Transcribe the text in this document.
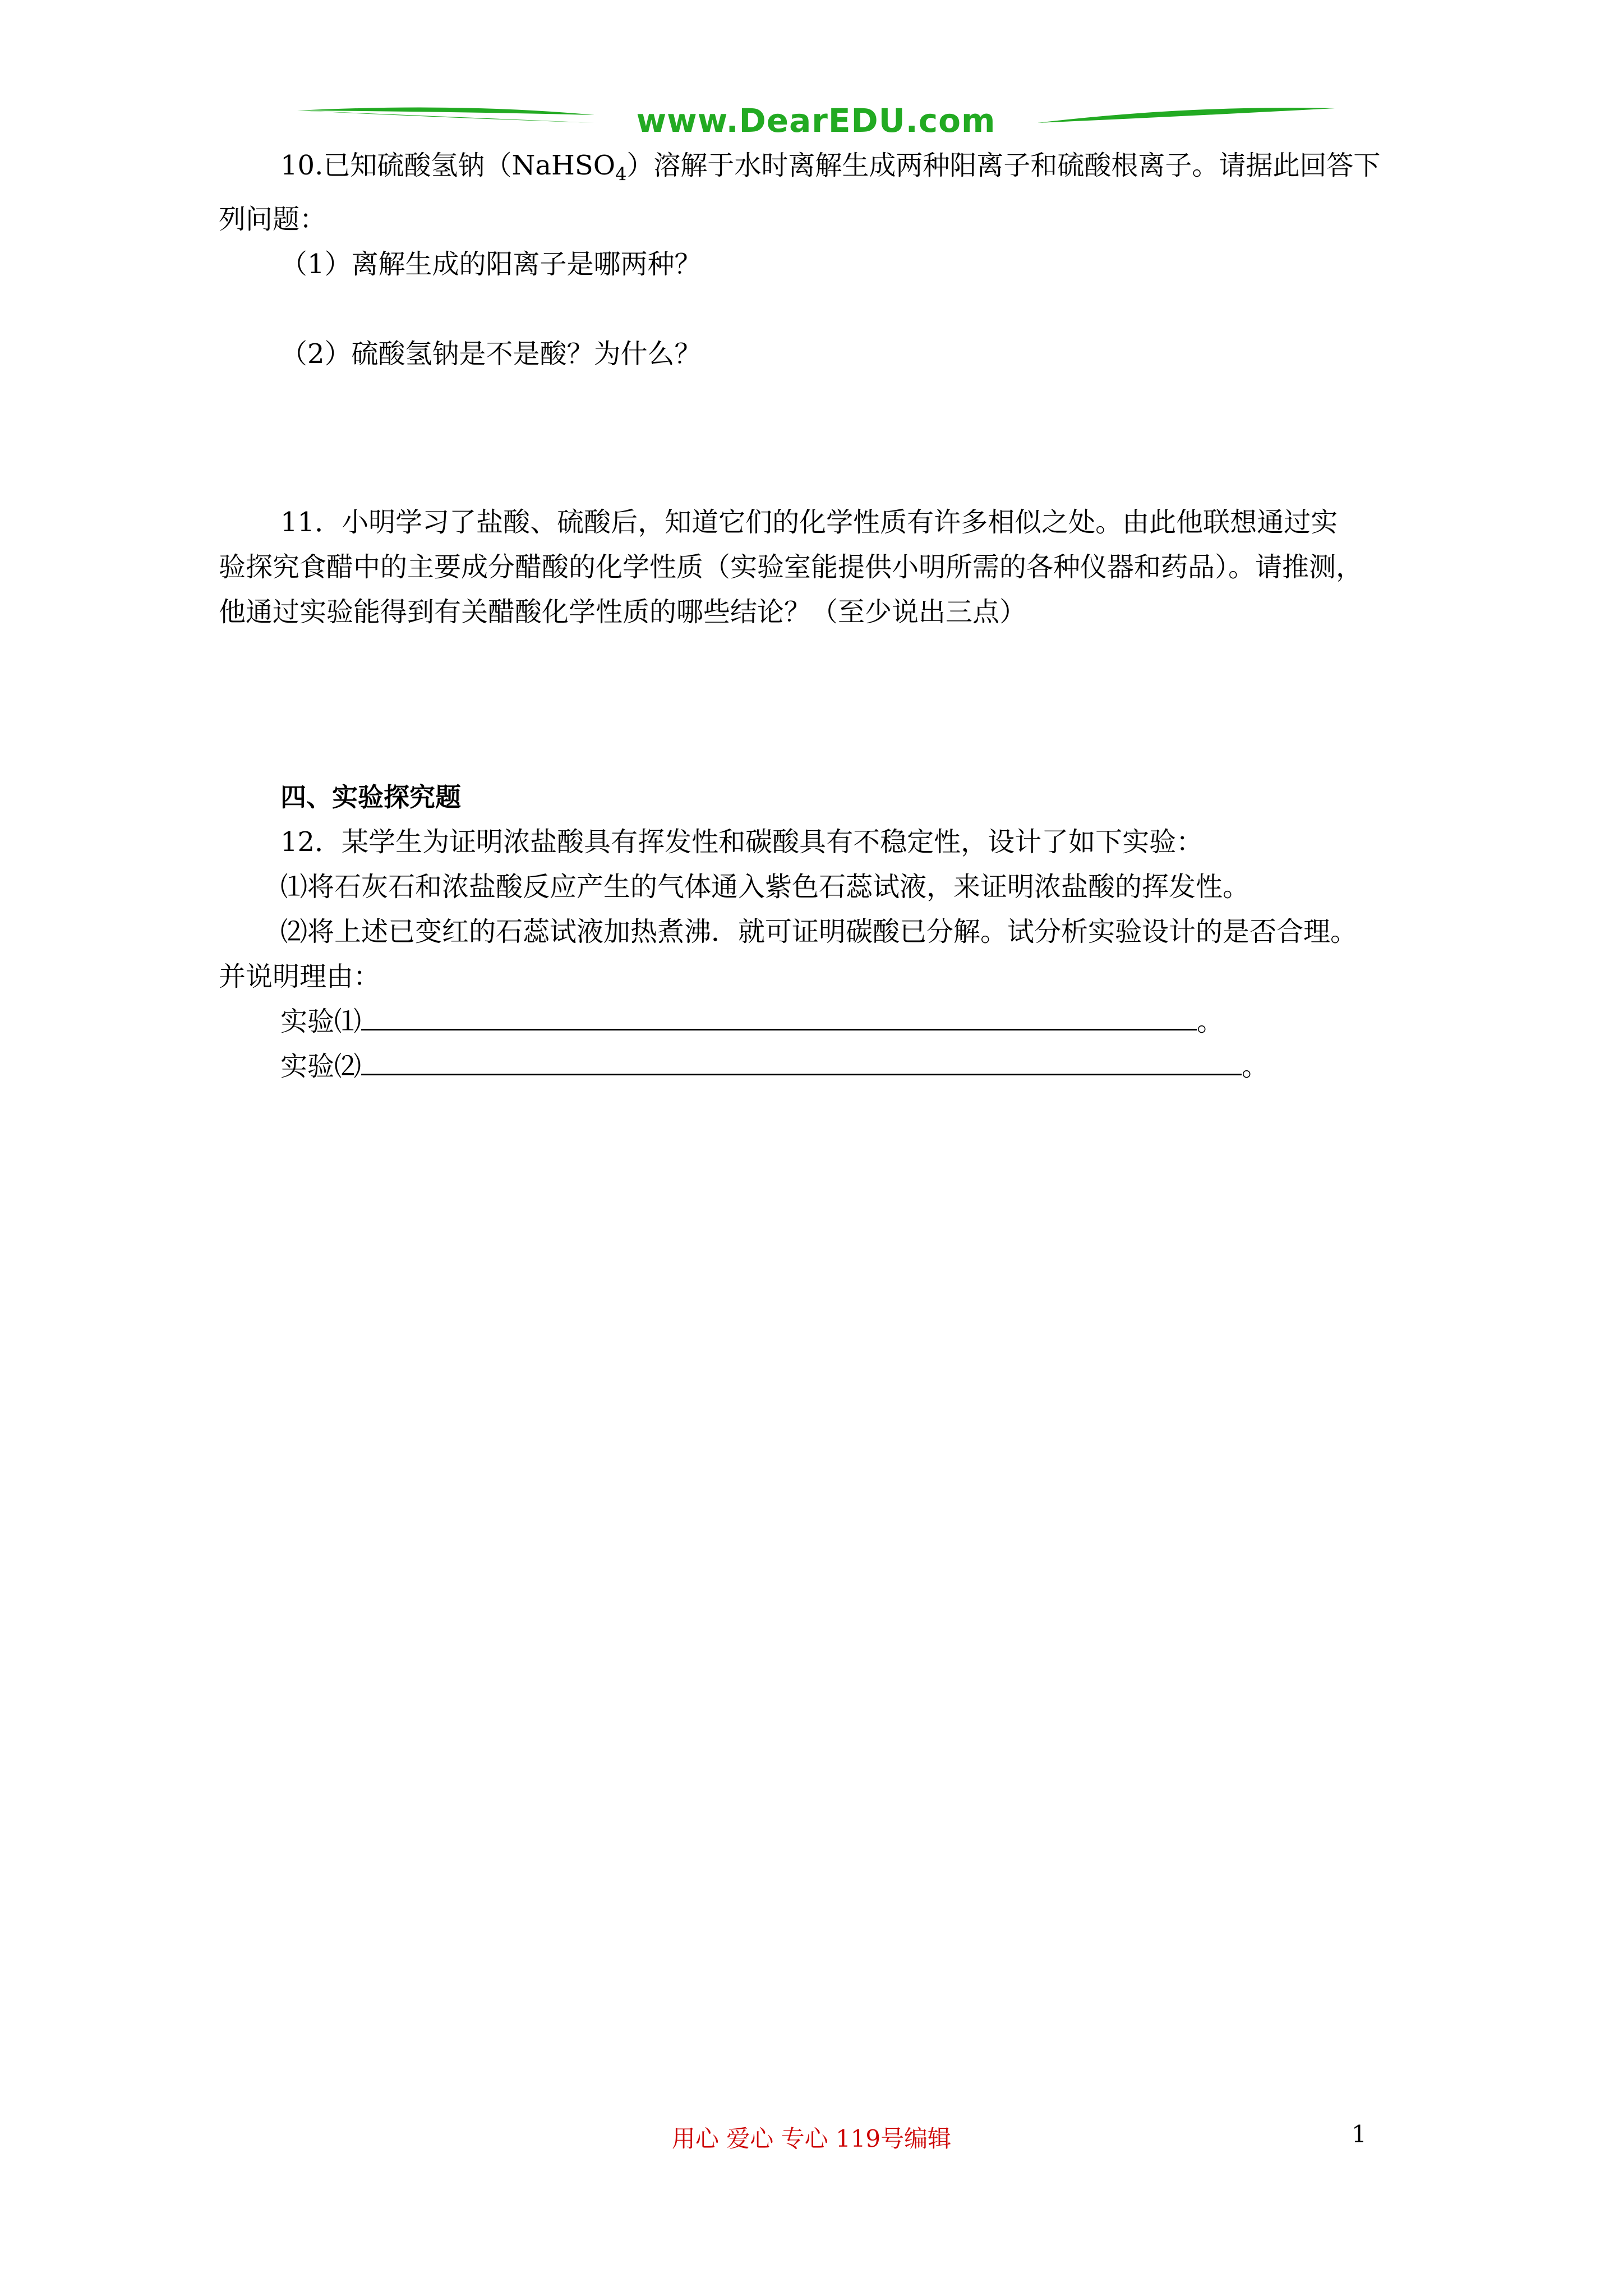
www.DearEDU.com

10.已知硫酸氢钠（NaHSO$_4$）溶解于水时离解生成两种阳离子和硫酸根离子。请据此回答下

列问题：

（1）离解生成的阳离子是哪两种？

（2）硫酸氢钠是不是酸？为什么？

11．小明学习了盐酸、硫酸后，知道它们的化学性质有许多相似之处。由此他联想通过实

验探究食醋中的主要成分醋酸的化学性质（实验室能提供小明所需的各种仪器和药品）。请推测，

他通过实验能得到有关醋酸化学性质的哪些结论？（至少说出三点）

四、实验探究题

12．某学生为证明浓盐酸具有挥发性和碳酸具有不稳定性，设计了如下实验：

⑴将石灰石和浓盐酸反应产生的气体通入紫色石蕊试液，来证明浓盐酸的挥发性。

⑵将上述已变红的石蕊试液加热煮沸．就可证明碳酸已分解。试分析实验设计的是否合理。

并说明理由：

实验⑴	。

实验⑵	。

用心 爱心 专心 119号编辑	1
